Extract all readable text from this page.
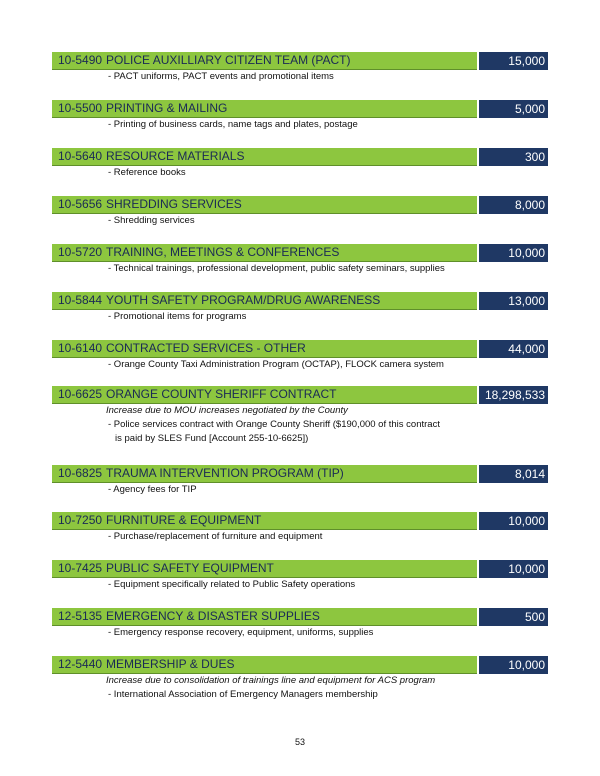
10-5490 POLICE AUXILLIARY CITIZEN TEAM (PACT)	15,000
- PACT uniforms, PACT events and promotional items
10-5500 PRINTING & MAILING	5,000
- Printing of business cards, name tags and plates, postage
10-5640 RESOURCE MATERIALS	300
- Reference books
10-5656 SHREDDING SERVICES	8,000
- Shredding services
10-5720 TRAINING, MEETINGS & CONFERENCES	10,000
- Technical trainings, professional development, public safety seminars, supplies
10-5844 YOUTH SAFETY PROGRAM/DRUG AWARENESS	13,000
- Promotional items for programs
10-6140 CONTRACTED SERVICES - OTHER	44,000
- Orange County Taxi Administration Program (OCTAP), FLOCK camera system
10-6625 ORANGE COUNTY SHERIFF CONTRACT	18,298,533
Increase due to MOU increases negotiated by the County
- Police services contract with Orange County Sheriff ($190,000 of this contract
is paid by SLES Fund [Account 255-10-6625])
10-6825 TRAUMA INTERVENTION PROGRAM (TIP)	8,014
- Agency fees for TIP
10-7250 FURNITURE & EQUIPMENT	10,000
- Purchase/replacement of furniture and equipment
10-7425 PUBLIC SAFETY EQUIPMENT	10,000
- Equipment specifically related to Public Safety operations
12-5135 EMERGENCY & DISASTER SUPPLIES	500
- Emergency response recovery, equipment, uniforms, supplies
12-5440 MEMBERSHIP & DUES	10,000
Increase due to consolidation of trainings line and equipment for ACS program
- International Association of Emergency Managers membership
53
